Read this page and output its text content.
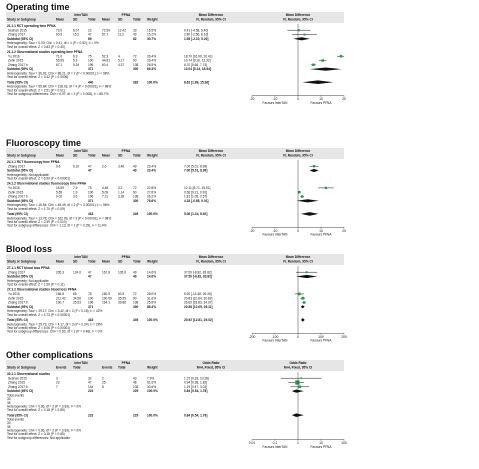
Operating time
InterTAN	PFNA	Mean Difference	Mean Difference
Study or Subgroup	Mean	SD	Total Mean SD	Total Weight	IV, Random, 95% CI	IV, Random, 95% CI
21.1.1 RCT operating time PFNA
Seshan 2015	73.0	6.07	22	72.59	12.42 33	15.5%	0.41 [-4.58, 5.40]
Zhang 2017	60.5	15.2	47	57.7	11.2	49	15.2%	2.80 [-2.56, 8.16]
Subtotal (95% CI)	69	82	30.7%	1.55 [-2.10, 5.20]
Heterogeneity: Tau² = 0.00; Chi² = 0.41, df = 1 (P = 0.52); I² = 0%
Test for overall effect: Z = 0.83 (P = 0.40)
21.1.2 Observational studies operating time PFNA
Yu 2016	71.0	6.3	75	52.3	4	72	26.4%	18.70 [16.99, 20.41]
Zehir 2015	55.55	5.9	100	44.81	5.17	90	26.4%	10.74 [9.16, 12.32]
Zhang 2017 b	67.1	5.34	196	60.4	4.37	138	26.5%	6.70 [5.66, 7.74]
Subtotal (95% CI)	371	300	69.3%	12.04 [5.14, 18.94]
Heterogeneity: Tau² = 36.91; Chi² = 88.21, df = 2 (P < 0.00001); I² = 98%
Test for overall effect: Z = 3.42 (P = 0.0006)
Total (95% CI)	440	382	100.0%	8.62 [1.88, 15.36]
Heterogeneity: Tau² = 55.84; Chi² = 218.03, df = 4 (P < 0.00001); I² = 98%
Test for overall effect: Z = 2.51 (P = 0.01)
Test for subgroup differences: Chi² = 6.97, df = 1 (P = 0.008), I² = 85.7%
-20	-10	0	10	20
Favours InterTAN	Favours PFNA
Fluoroscopy time
InterTAN	PFNA	Mean Difference	Mean Difference
Study or Subgroup	Mean	SD	Total Mean SD	Total Weight	IV, Random, 95% CI	IV, Random, 95% CI
24.1.1 RCT fluoroscopy time PFNA
Zhang 2017	9.6	6.10	47	2.6	3.46	49	23.4%	7.00 [5.01, 8.99]
Subtotal (95% CI)	47	49	23.4%	7.00 [5.01, 8.99]
Heterogeneity: Not applicable
Test for overall effect: Z = 6.90 (P < 0.00001)
24.1.2 Observational studies fluoroscopy time PFNA
Yu 2016	16.59	7.9	75	4.48	3.2	72	22.8%	12.11 [8.71, 15.51]
Zehir 2015	5.65	1.9	100	5.09	1.14	90	27.6%	0.56 [0.21, 0.91]
Zhang 2017 b	9.02	3.6	196	7.21	3.28	138	26.2%	1.81 [1.05, 2.57]
Subtotal (95% CI)	371	300	76.6%	4.18 [-0.65, 9.01]
Heterogeneity: Tau² = 16.54; Chi² = 48.49, df = 2 (P < 0.00001); I² = 96%
Test for overall effect: Z = 1.70 (P = 0.09)
Total (95% CI)	418	349	100.0%	5.08 [1.24, 8.92]
Heterogeneity: Tau² = 13.78; Chi² = 162.09, df = 3 (P < 0.00001); I² = 98%
Test for overall effect: Z = 2.59 (P = 0.010)
Test for subgroup differences: Chi² = 1.13, df = 1 (P = 0.29), I² = 11.4%
-20	-10	0	10	20
Favours InterTAN	Favours PFNA
Blood loss
InterTAN	PFNA	Mean Difference	Mean Difference
Study or Subgroup	Mean	SD	Total Mean SD	Total Weight	IV, Random, 95% CI	IV, Random, 95% CI
27.1.1 RCT blood loss PFNA
Zhang 2017	205.3	124.6 47	167.8	105.6 49	14.6%	37.50 [-8.82, 83.82]
Subtotal (95% CI)	47	49	14.6%	37.50 [-8.82, 83.82]
Heterogeneity: Not applicable
Test for overall effect: Z = 1.59 (P = 0.11)
27.1.2 Observational studies blood loss PFNA
Yu 2016	166.8	65	75	160.9	60.9	72	28.0%	5.90 [-14.46, 26.26]
Zehir 2015	211.42 34.56 100	190.59 35.55 90	31.6%	20.83 [10.84, 30.82]
Zhang 2017 b	190.7	25.53 196	164.1	39.86 138	25.8%	26.60 [18.83, 34.37]
Subtotal (95% CI)	371	300	85.4%	20.58 [12.05, 29.11]
Heterogeneity: Tau² = 29.17; Chi² = 3.42, df = 2 (P = 0.18); I² = 42%
Test for overall effect: Z = 4.73 (P < 0.00001)
Total (95% CI)	418	349	100.0%	20.92 [12.81, 29.02]
Heterogeneity: Tau² = 29.73; Chi² = 4.17, df = 3 (P = 0.24); I² = 28%
Test for overall effect: Z = 5.06 (P < 0.00001)
Test for subgroup differences: Chi² = 0.50, df = 1 (P = 0.48), I² = 0%
-200	-100	0	100	200
Favours InterTAN	Favours PFNA
Other complications
InterTAN	PFNA	Odds Ratio	Odds Ratio
Study or Subgroup	Events Total	Events Total	Weight	M-H, Fixed, 95% CI	M-H, Fixed, 95% CI
30.1.1 Observational studies
Seshan 2015	3	32	2	43	7.9%	1.37 [0.18, 10.28]
Zhang 2015	23	47	25	48	61.6%	0.94 [0.38, 1.82]
Zhang 2017 b	7	144	8	138	30.6%	1.19 [0.47, 3.03]
Subtotal (95% CI)	223	229	100.0%	0.84 [0.54, 1.78]
Total events
33
35
Heterogeneity: Chi² = 0.36, df = 2 (P = 0.83); I² = 0%
Test for overall effect: Z = 0.18 (P = 0.85)
Total (95% CI)	223	229	100.0%	0.84 [0.54, 1.78]
Total events
33
35
Heterogeneity: Chi² = 0.36, df = 2 (P = 0.83); I² = 0%
Test for overall effect: Z = 0.18 (P = 0.85)
Test for subgroup differences: Not applicable
0.01	0.1	1	10	100
Favours InterTAN	Favours PFNA
